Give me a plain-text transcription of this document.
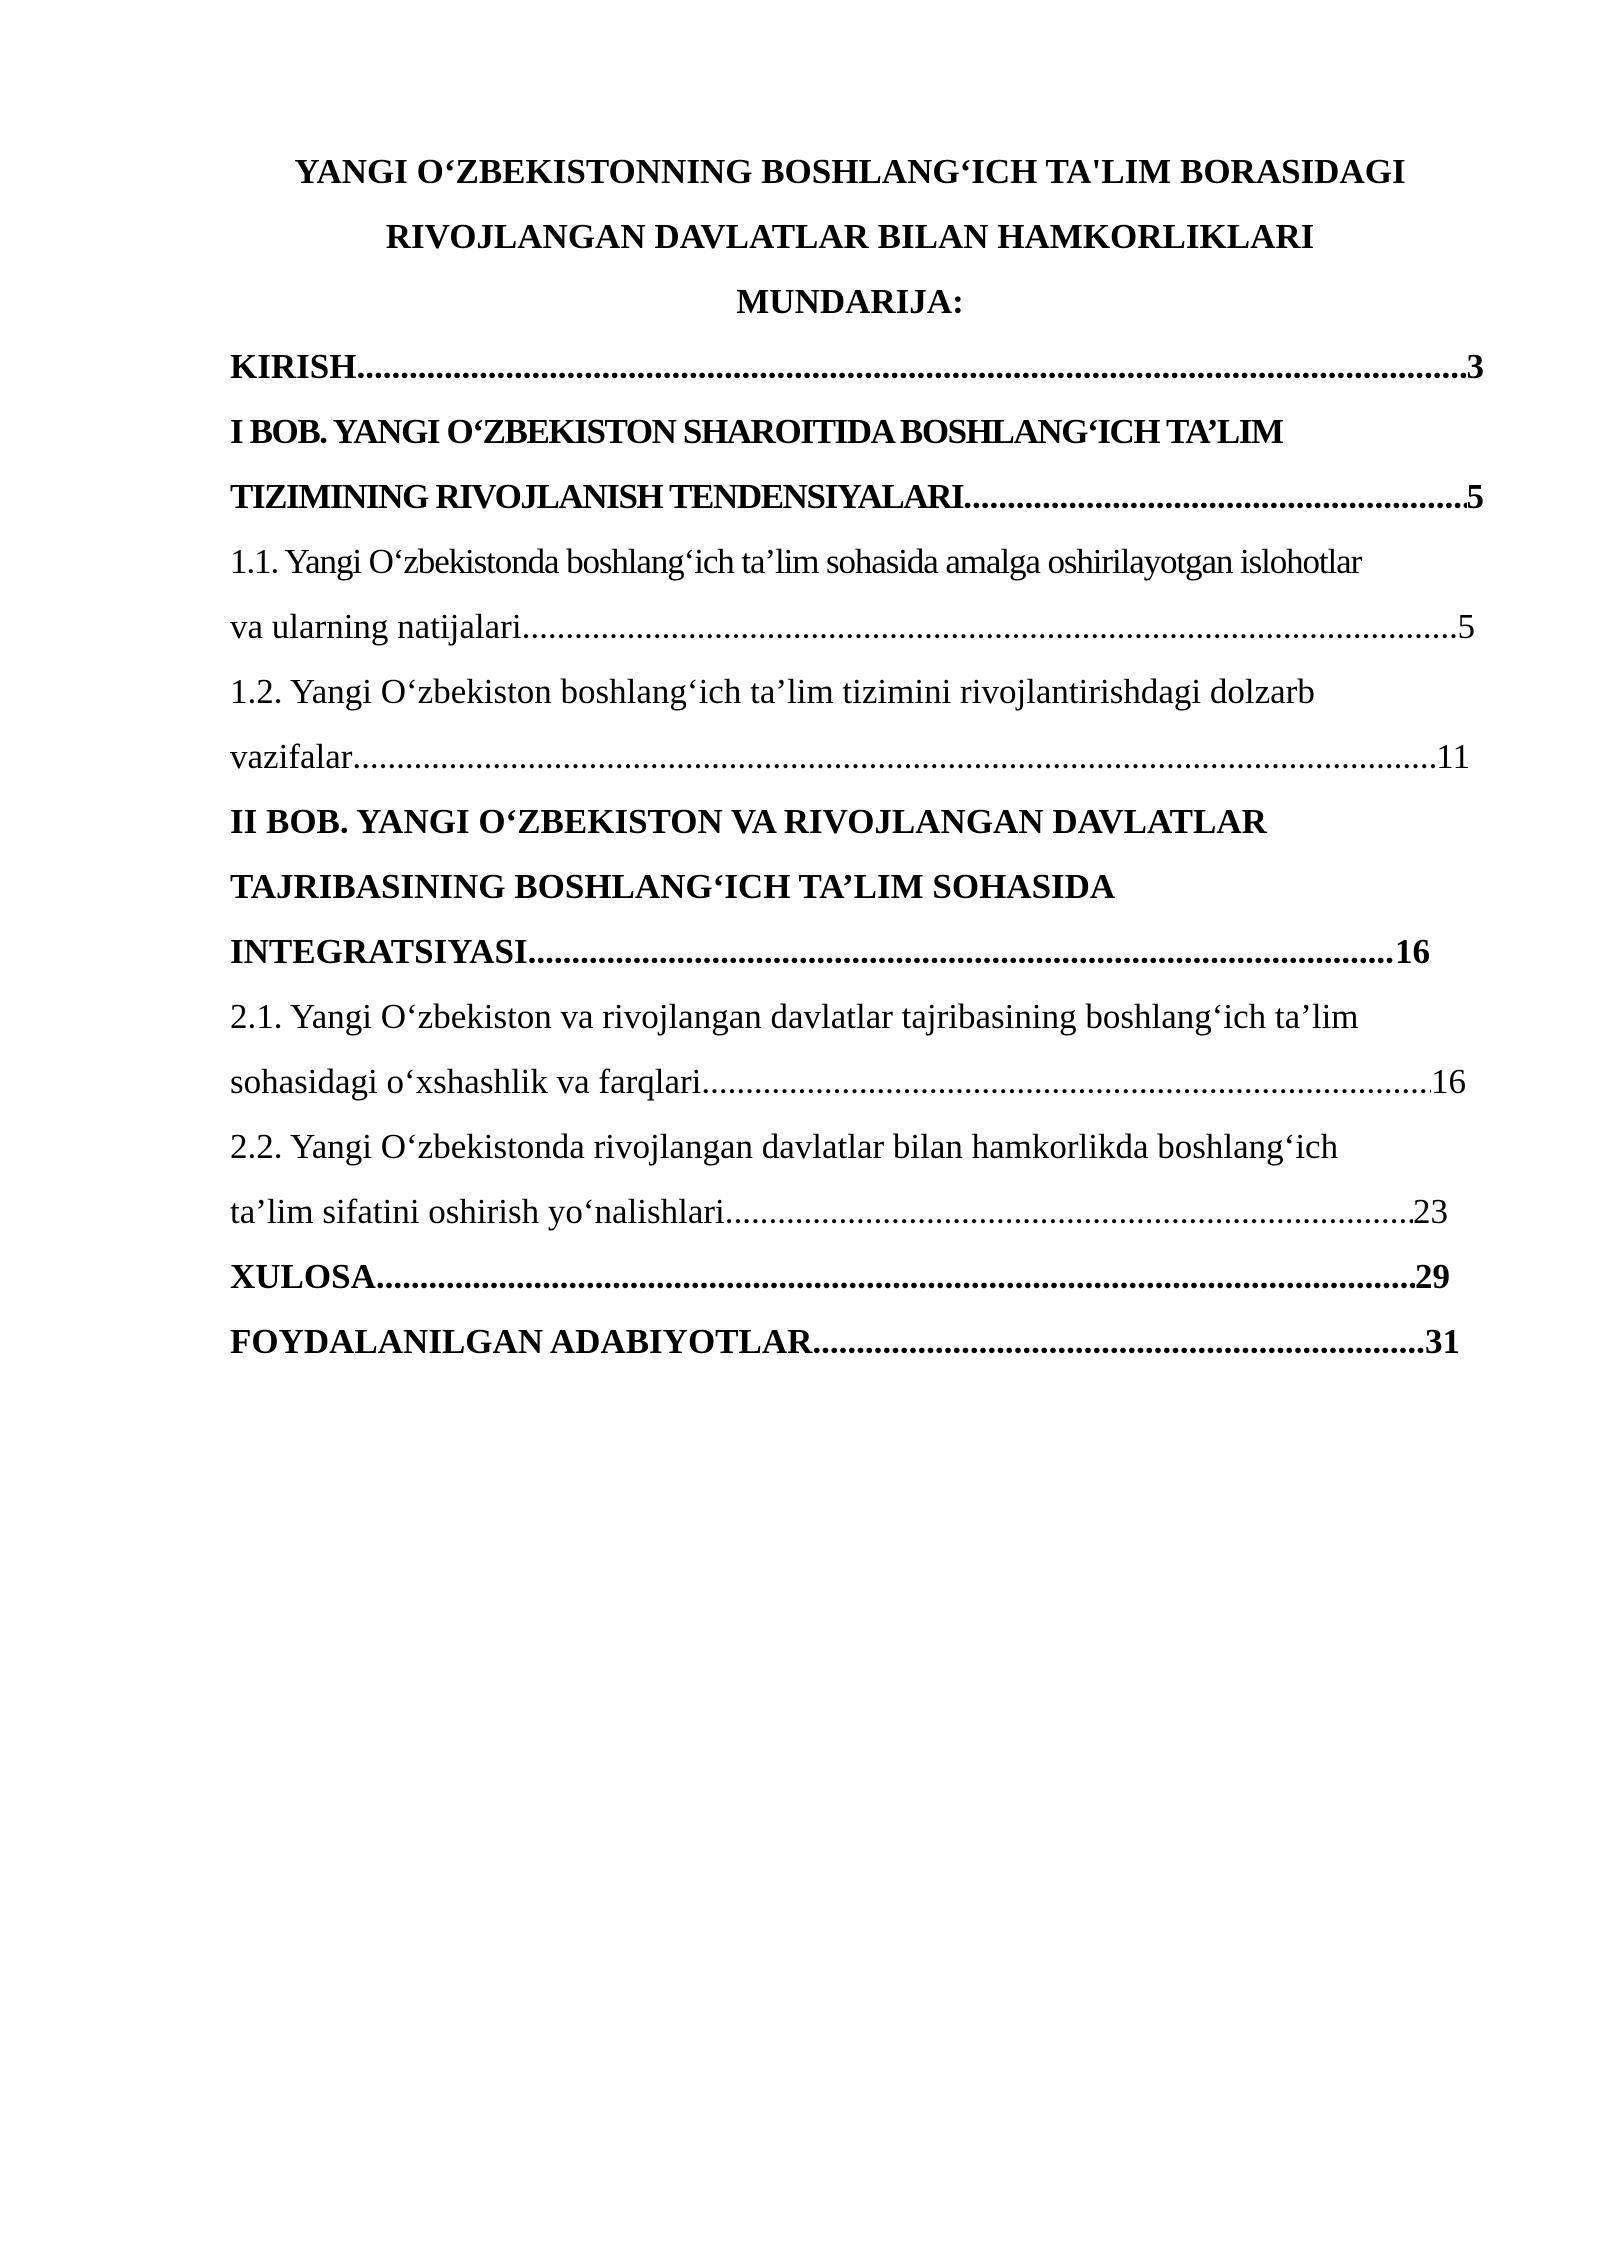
YANGI O‘ZBEKISTONNING BOSHLANG‘ICH TA'LIM BORASIDAGI
RIVOJLANGAN DAVLATLAR BILAN HAMKORLIKLARI
MUNDARIJA:
KIRISH .....	3
I BOB. YANGI O‘ZBEKISTON SHAROITIDA BOSHLANG‘ICH TA’LIM
TIZIMINING RIVOJLANISH TENDENSIYALARI .....	5
1.1. Yangi O‘zbekistonda boshlang‘ich ta’lim sohasida amalga oshirilayotgan islohotlar
va ularning natijalari .....	5
1.2. Yangi O‘zbekiston boshlang‘ich ta’lim tizimini rivojlantirishdagi dolzarb
vazifalar .....	11
II BOB. YANGI O‘ZBEKISTON VA RIVOJLANGAN DAVLATLAR
TAJRIBASINING BOSHLANG‘ICH TA’LIM SOHASIDA
INTEGRATSIYASI .....	16
2.1. Yangi O‘zbekiston va rivojlangan davlatlar tajribasining boshlang‘ich ta’lim
sohasidagi o‘xshashlik va farqlari .....	16
2.2. Yangi O‘zbekistonda rivojlangan davlatlar bilan hamkorlikda boshlang‘ich
ta’lim sifatini oshirish yo‘nalishlari .....	23
XULOSA .....	29
FOYDALANILGAN ADABIYOTLAR .....	31
